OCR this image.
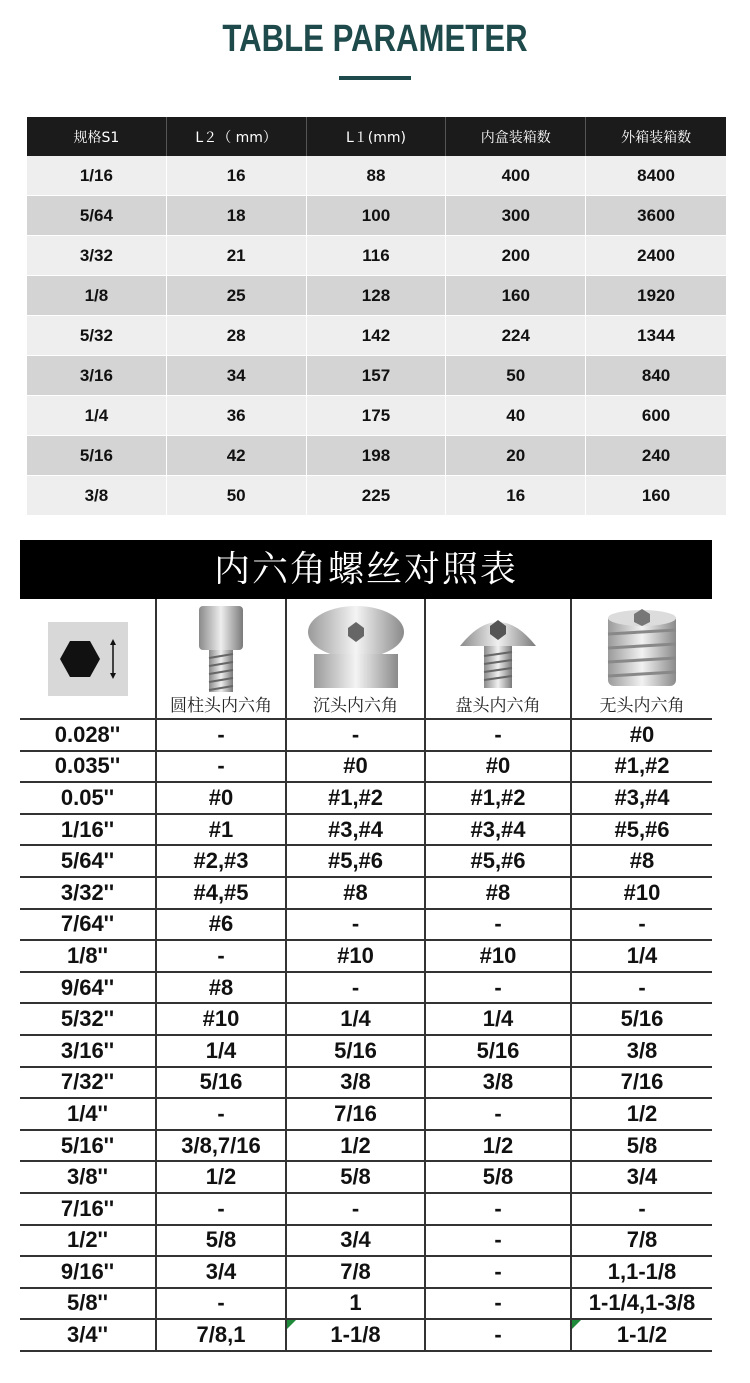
TABLE PARAMETER
规格S1	L２（ mm）	L１(mm)	内盒装箱数	外箱装箱数
1/16	16	88	400	8400
5/64	18	100	300	3600
3/32	21	116	200	2400
1/8	25	128	160	1920
5/32	28	142	224	1344
3/16	34	157	50	840
1/4	36	175	40	600
5/16	42	198	20	240
3/8	50	225	16	160
内六角螺丝对照表

圆柱头内六角	沉头内六角	盘头内六角	无头内六角

0.028''	-	-	-	#0
0.035''	-	#0	#0	#1,#2
0.05''	#0	#1,#2	#1,#2	#3,#4
1/16''	#1	#3,#4	#3,#4	#5,#6
5/64''	#2,#3	#5,#6	#5,#6	#8
3/32''	#4,#5	#8	#8	#10
7/64''	#6	-	-	-
1/8''	-	#10	#10	1/4
9/64''	#8	-	-	-
5/32''	#10	1/4	1/4	5/16
3/16''	1/4	5/16	5/16	3/8
7/32''	5/16	3/8	3/8	7/16
1/4''	-	7/16	-	1/2
5/16''	3/8,7/16	1/2	1/2	5/8
3/8''	1/2	5/8	5/8	3/4
7/16''	-	-	-	-
1/2''	5/8	3/4	-	7/8
9/16''	3/4	7/8	-	1,1-1/8
5/8''	-	1	-	1-1/4,1-3/8
3/4''	7/8,1	1-1/8	-	1-1/2
